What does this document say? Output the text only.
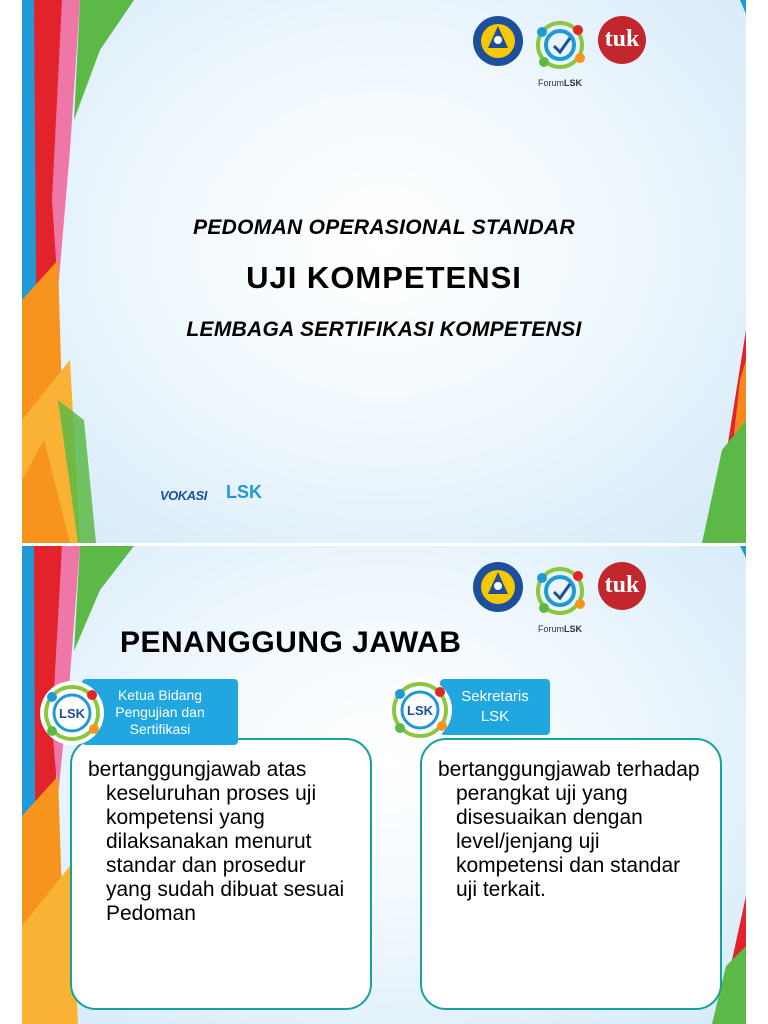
ForumLSK
tuk

PEDOMAN OPERASIONAL STANDAR

UJI KOMPETENSI

LEMBAGA SERTIFIKASI KOMPETENSI

VOKASI LSK
ForumLSK
tuk
PENANGGUNG JAWAB

bertanggungjawab atas keseluruhan proses uji kompetensi yang dilaksanakan menurut standar dan prosedur yang sudah dibuat sesuai Pedoman

Ketua Bidang
Pengujian dan
Sertifikasi
LSK

bertanggungjawab terhadap perangkat uji yang disesuaikan dengan level/jenjang uji kompetensi dan standar uji terkait.

Sekretaris
LSK
LSK
